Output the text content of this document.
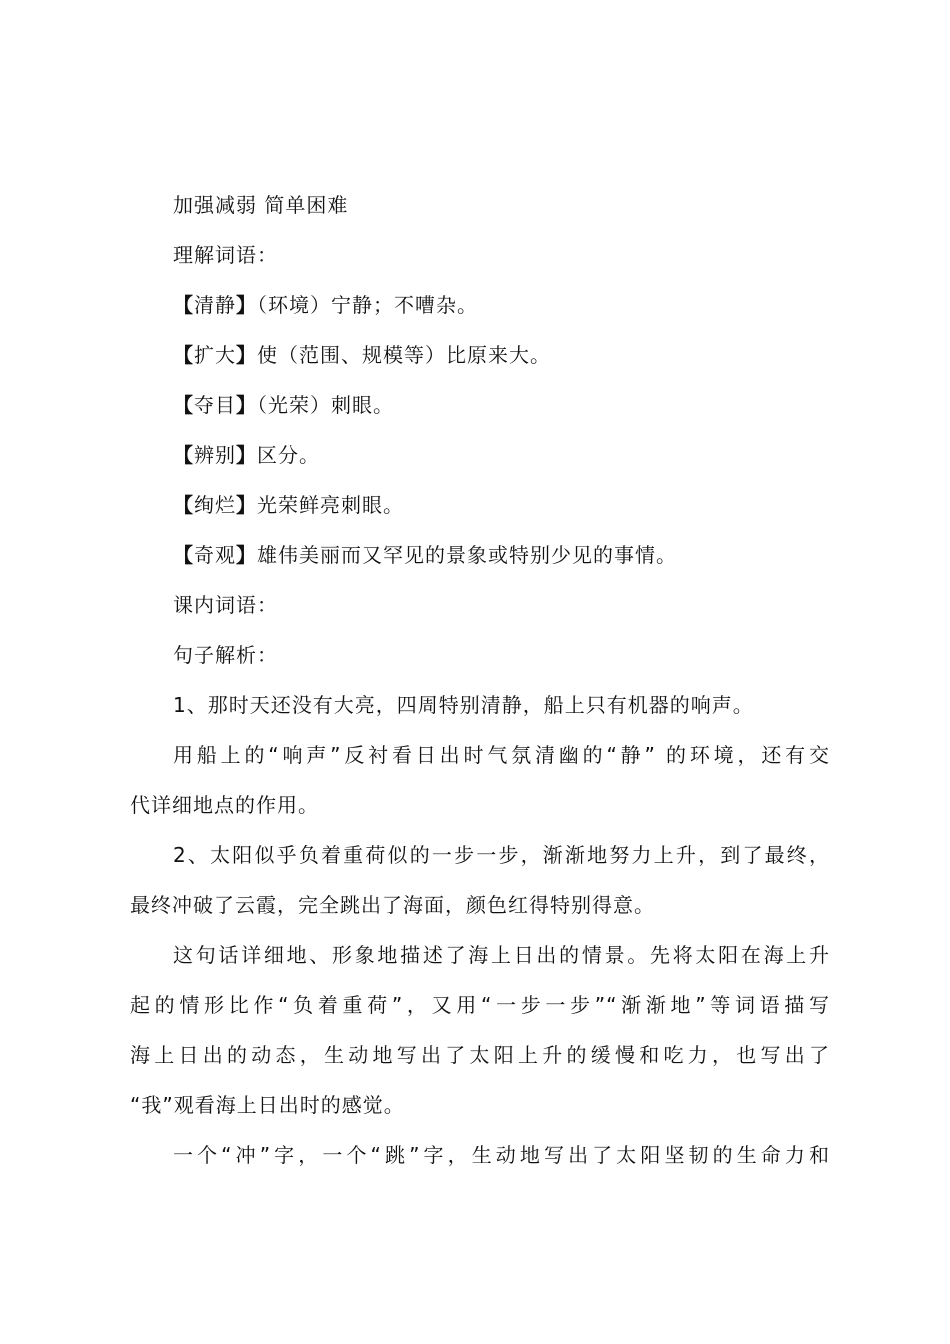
加强减弱 简单困难
理解词语：
【清静】（环境）宁静；不嘈杂。
【扩大】使（范围、规模等）比原来大。
【夺目】（光荣）刺眼。
【辨别】区分。
【绚烂】光荣鲜亮刺眼。
【奇观】雄伟美丽而又罕见的景象或特别少见的事情。
课内词语：
句子解析：
1、那时天还没有大亮，四周特别清静，船上只有机器的响声。
用船上的“响声”反衬看日出时气氛清幽的“静” 的环境，还有交
代详细地点的作用。
2、太阳似乎负着重荷似的一步一步，渐渐地努力上升，到了最终，
最终冲破了云霞，完全跳出了海面，颜色红得特别得意。
这句话详细地、形象地描述了海上日出的情景。先将太阳在海上升
起的情形比作“负着重荷”，又用“一步一步”“渐渐地”等词语描写
海上日出的动态，生动地写出了太阳上升的缓慢和吃力，也写出了
“我”观看海上日出时的感觉。
一个“冲”字，一个“跳”字，生动地写出了太阳坚韧的生命力和
